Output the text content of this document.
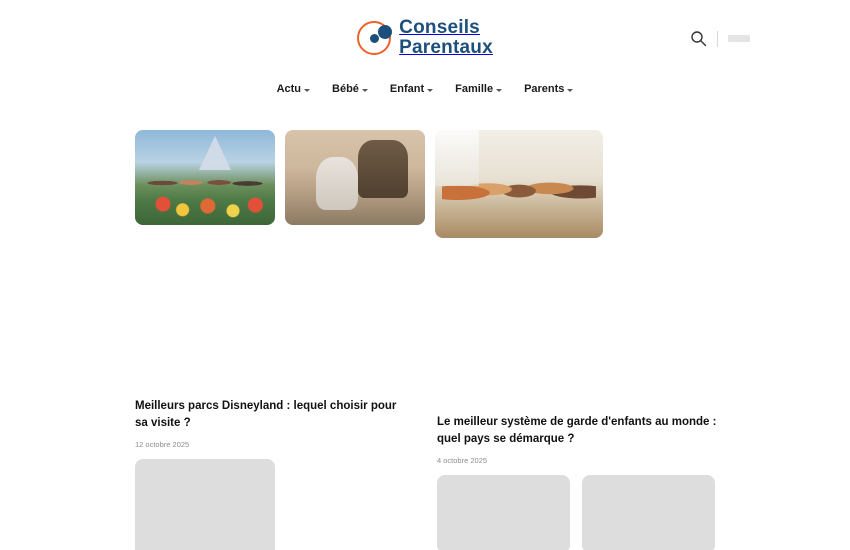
Conseils
Parentaux
Actu	Bébé	Enfant	Famille	Parents
Meilleurs parcs Disneyland : lequel choisir pour sa visite ?
12 octobre 2025
Le meilleur système de garde d'enfants au monde : quel pays se démarque ?
4 octobre 2025
